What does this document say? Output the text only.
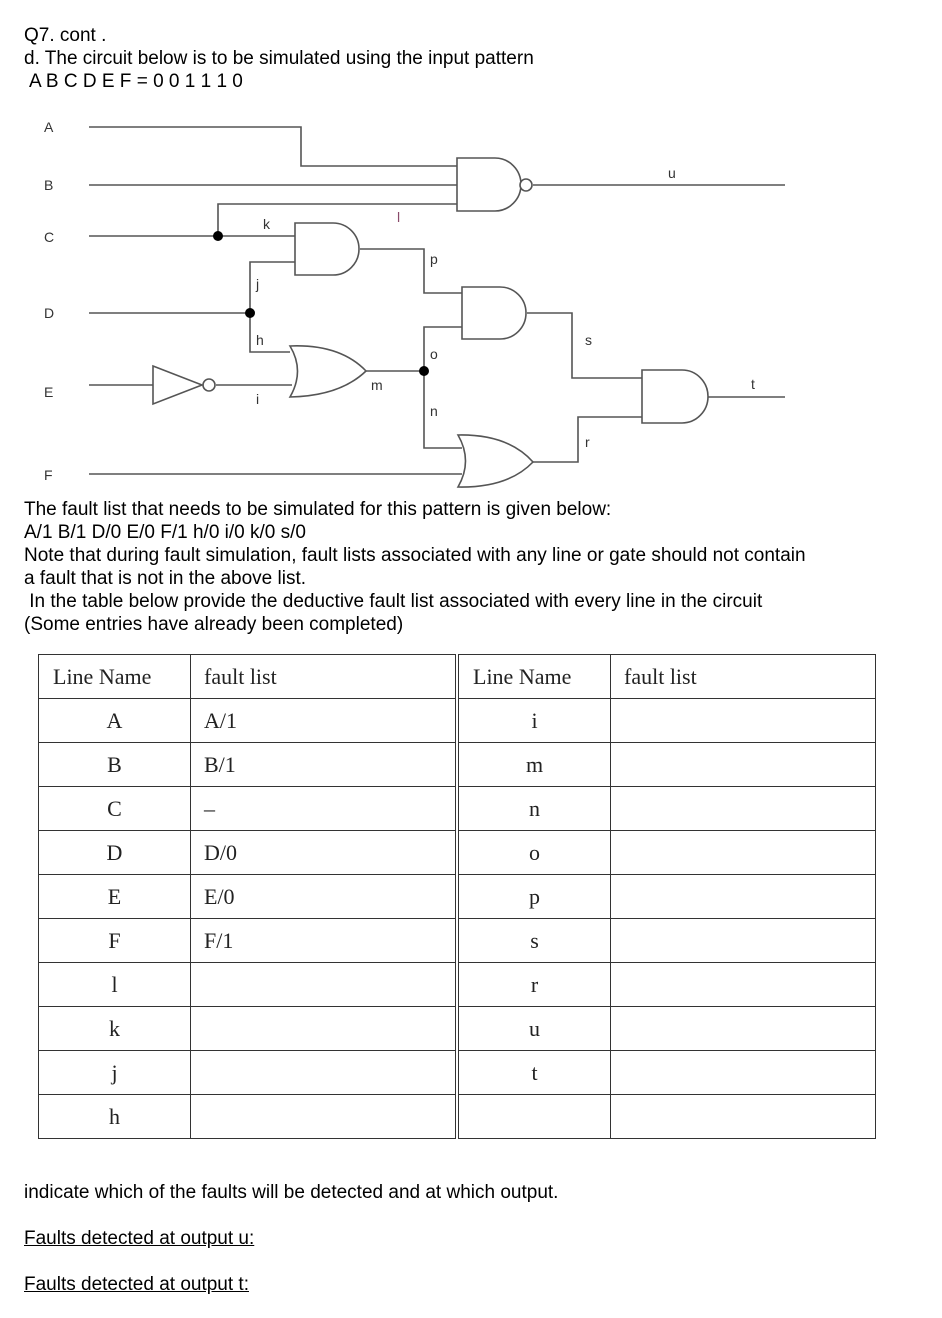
Q7. cont .
d. The circuit below is to be simulated using the input pattern
A B C D E F = 0 0 1 1 1 0
A
B
C
D
E
F
k	l
j
h
i
m
o
n
p
s
r
u
t
The fault list that needs to be simulated for this pattern is given below:
A/1 B/1 D/0 E/0 F/1 h/0 i/0 k/0 s/0
Note that during fault simulation, fault lists associated with any line or gate should not contain
a fault that is not in the above list.
In the table below provide the deductive fault list associated with every line in the circuit
(Some entries have already been completed)
Line Name	fault list	Line Name	fault list
A	A/1	i	
B	B/1	m	
C	–	n	
D	D/0	o	
E	E/0	p	
F	F/1	s	
l		r	
k		u	
j		t	
h			
indicate which of the faults will be detected and at which output.
Faults detected at output u:
Faults detected at output t:
